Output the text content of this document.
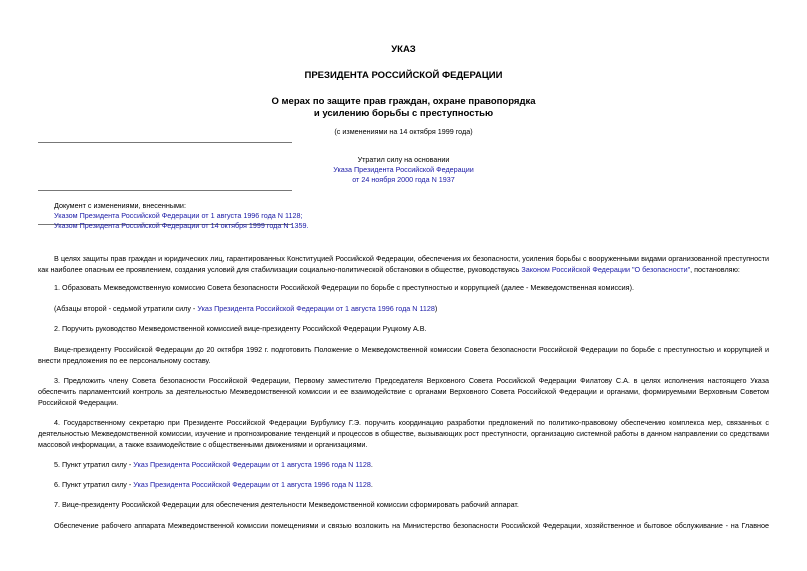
УКАЗ
ПРЕЗИДЕНТА РОССИЙСКОЙ ФЕДЕРАЦИИ
О мерах по защите прав граждан, охране правопорядка
и усилению борьбы с преступностью
(с изменениями на 14 октября 1999 года)
Утратил силу на основании
Указа Президента Российской Федерации
от 24 ноября 2000 года N 1937
Документ с изменениями, внесенными:
Указом Президента Российской Федерации от 1 августа 1996 года N 1128;
Указом Президента Российской Федерации от 14 октября 1999 года N 1359.
В целях защиты прав граждан и юридических лиц, гарантированных Конституцией Российской Федерации, обеспечения их безопасности, усиления борьбы с вооруженными видами организованной преступности
как наиболее опасным ее проявлением, создания условий для стабилизации социально-политической обстановки в обществе, руководствуясь Законом Российской Федерации "О безопасности", постановляю:
1. Образовать Межведомственную комиссию Совета безопасности Российской Федерации по борьбе с преступностью и коррупцией (далее - Межведомственная комиссия).
(Абзацы второй - седьмой утратили силу - Указ Президента Российской Федерации от 1 августа 1996 года N 1128)
2. Поручить руководство Межведомственной комиссией вице-президенту Российской Федерации Руцкому А.В.
Вице-президенту Российской Федерации до 20 октября 1992 г. подготовить Положение о Межведомственной комиссии Совета безопасности Российской Федерации по борьбе с преступностью и коррупцией и
внести предложения по ее персональному составу.
3. Предложить члену Совета безопасности Российской Федерации, Первому заместителю Председателя Верховного Совета Российской Федерации Филатову С.А. в целях исполнения настоящего Указа
обеспечить парламентский контроль за деятельностью Межведомственной комиссии и ее взаимодействие с органами Верховного Совета Российской Федерации и органами, формируемыми Верховным Советом
Российской Федерации.
4. Государственному секретарю при Президенте Российской Федерации Бурбулису Г.Э. поручить координацию разработки предложений по политико-правовому обеспечению комплекса мер, связанных с
деятельностью Межведомственной комиссии, изучение и прогнозирование тенденций и процессов в обществе, вызывающих рост преступности, организацию системной работы в данном направлении со средствами
массовой информации, а также взаимодействие с общественными движениями и организациями.
5. Пункт утратил силу - Указ Президента Российской Федерации от 1 августа 1996 года N 1128.
6. Пункт утратил силу - Указ Президента Российской Федерации от 1 августа 1996 года N 1128.
7. Вице-президенту Российской Федерации для обеспечения деятельности Межведомственной комиссии сформировать рабочий аппарат.
Обеспечение рабочего аппарата Межведомственной комиссии помещениями и связью возложить на Министерство безопасности Российской Федерации, хозяйственное и бытовое обслуживание - на Главное
